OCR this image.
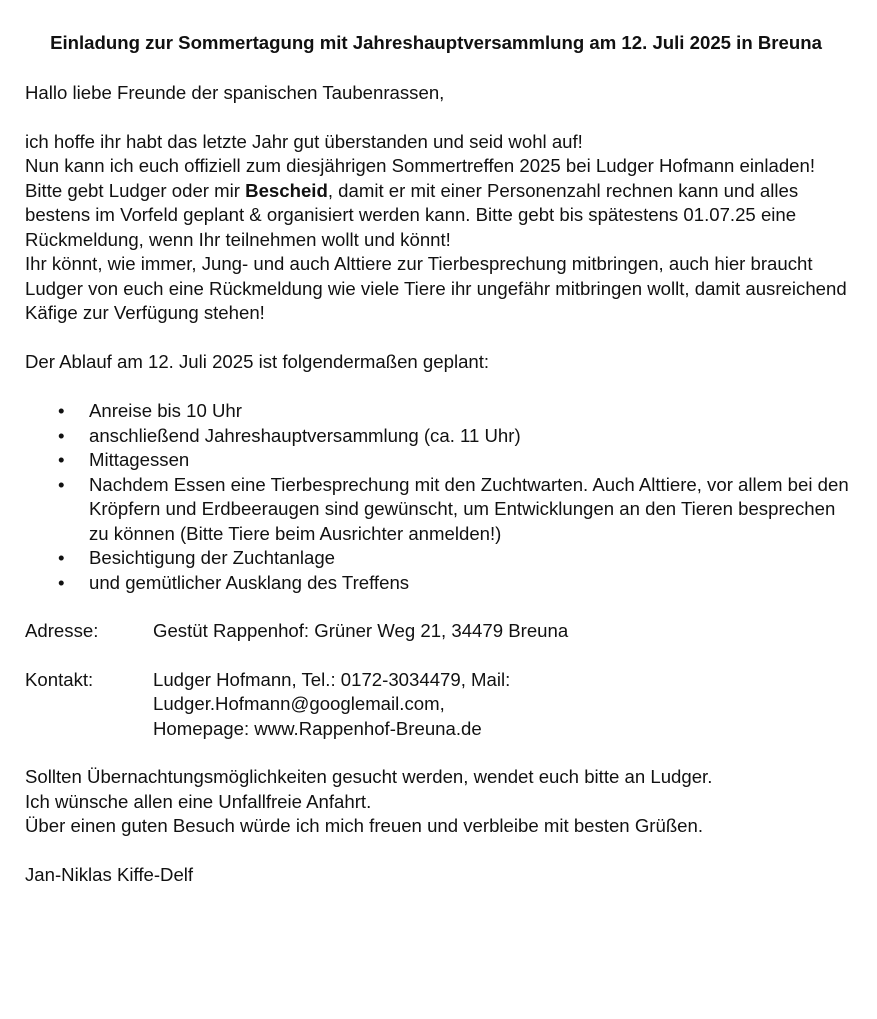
Einladung zur Sommertagung mit Jahreshauptversammlung am 12. Juli 2025 in Breuna

Hallo liebe Freunde der spanischen Taubenrassen,

ich hoffe ihr habt das letzte Jahr gut überstanden und seid wohl auf!

Nun kann ich euch offiziell zum diesjährigen Sommertreffen 2025 bei Ludger Hofmann einladen!

Bitte gebt Ludger oder mir Bescheid, damit er mit einer Personenzahl rechnen kann und alles bestens im Vorfeld geplant & organisiert werden kann. Bitte gebt bis spätestens 01.07.25 eine Rückmeldung, wenn Ihr teilnehmen wollt und könnt!

Ihr könnt, wie immer, Jung- und auch Alttiere zur Tierbesprechung mitbringen, auch hier braucht Ludger von euch eine Rückmeldung wie viele Tiere ihr ungefähr mitbringen wollt, damit ausreichend Käfige zur Verfügung stehen!

Der Ablauf am 12. Juli 2025 ist folgendermaßen geplant:

• Anreise bis 10 Uhr
• anschließend Jahreshauptversammlung (ca. 11 Uhr)
• Mittagessen
• Nachdem Essen eine Tierbesprechung mit den Zuchtwarten. Auch Alttiere, vor allem bei den Kröpfern und Erdbeeraugen sind gewünscht, um Entwicklungen an den Tieren besprechen zu können (Bitte Tiere beim Ausrichter anmelden!)
• Besichtigung der Zuchtanlage
• und gemütlicher Ausklang des Treffens
Adresse:	Gestüt Rappenhof: Grüner Weg 21, 34479 Breuna
Kontakt:	Ludger Hofmann, Tel.: 0172-3034479, Mail:
Ludger.Hofmann@googlemail.com,
Homepage: www.Rappenhof-Breuna.de

Sollten Übernachtungsmöglichkeiten gesucht werden, wendet euch bitte an Ludger.

Ich wünsche allen eine Unfallfreie Anfahrt.

Über einen guten Besuch würde ich mich freuen und verbleibe mit besten Grüßen.

Jan-Niklas Kiffe-Delf
